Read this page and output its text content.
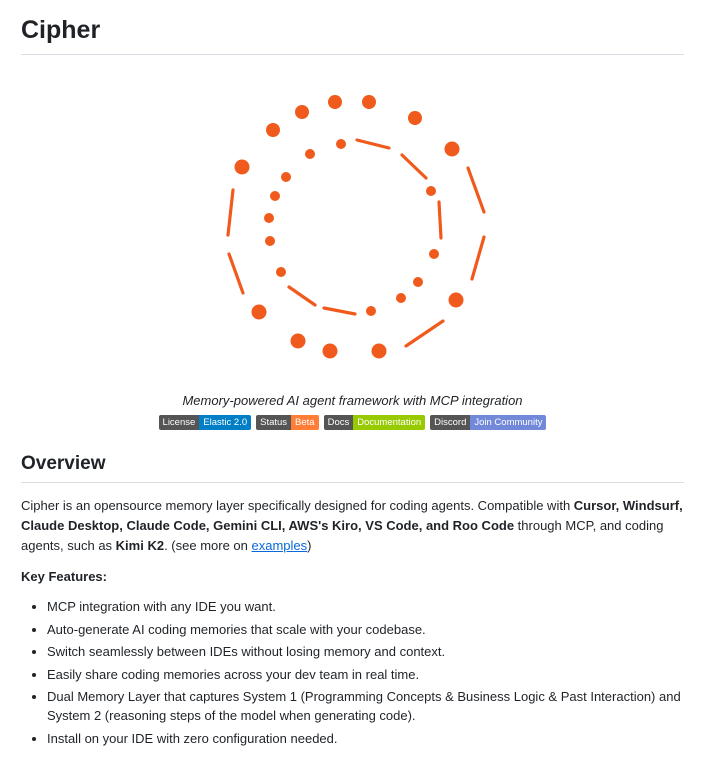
Cipher
Memory-powered AI agent framework with MCP integration
License Elastic 2.0	Status Beta	Docs Documentation	Discord Join Community
Overview

Cipher is an opensource memory layer specifically designed for coding agents. Compatible with Cursor, Windsurf, Claude Desktop, Claude Code, Gemini CLI, AWS's Kiro, VS Code, and Roo Code through MCP, and coding agents, such as Kimi K2. (see more on examples)

Key Features:
• MCP integration with any IDE you want.
• Auto-generate AI coding memories that scale with your codebase.
• Switch seamlessly between IDEs without losing memory and context.
• Easily share coding memories across your dev team in real time.
• Dual Memory Layer that captures System 1 (Programming Concepts & Business Logic & Past Interaction) and System 2 (reasoning steps of the model when generating code).
• Install on your IDE with zero configuration needed.
